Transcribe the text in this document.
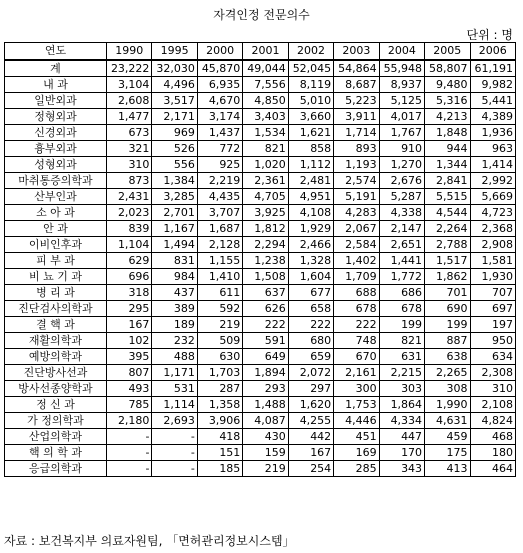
자격인정 전문의수
단위 : 명
연도	1990	1995	2000	2001	2002	2003	2004	2005	2006
계	23,222	32,030	45,870	49,044	52,045	54,864	55,948	58,807	61,191
내 과	3,104	4,496	6,935	7,556	8,119	8,687	8,937	9,480	9,982
일반외과	2,608	3,517	4,670	4,850	5,010	5,223	5,125	5,316	5,441
정형외과	1,477	2,171	3,174	3,403	3,660	3,911	4,017	4,213	4,389
신경외과	673	969	1,437	1,534	1,621	1,714	1,767	1,848	1,936
흉부외과	321	526	772	821	858	893	910	944	963
성형외과	310	556	925	1,020	1,112	1,193	1,270	1,344	1,414
마취통증의학과	873	1,384	2,219	2,361	2,481	2,574	2,676	2,841	2,992
산부인과	2,431	3,285	4,435	4,705	4,951	5,191	5,287	5,515	5,669
소 아 과	2,023	2,701	3,707	3,925	4,108	4,283	4,338	4,544	4,723
안 과	839	1,167	1,687	1,812	1,929	2,067	2,147	2,264	2,368
이비인후과	1,104	1,494	2,128	2,294	2,466	2,584	2,651	2,788	2,908
피 부 과	629	831	1,155	1,238	1,328	1,402	1,441	1,517	1,581
비 뇨 기 과	696	984	1,410	1,508	1,604	1,709	1,772	1,862	1,930
병 리 과	318	437	611	637	677	688	686	701	707
진단검사의학과	295	389	592	626	658	678	678	690	697
결 핵 과	167	189	219	222	222	222	199	199	197
재활의학과	102	232	509	591	680	748	821	887	950
예방의학과	395	488	630	649	659	670	631	638	634
진단방사선과	807	1,171	1,703	1,894	2,072	2,161	2,215	2,265	2,308
방사선종양학과	493	531	287	293	297	300	303	308	310
정 신 과	785	1,114	1,358	1,488	1,620	1,753	1,864	1,990	2,108
가 정의학과	2,180	2,693	3,906	4,087	4,255	4,446	4,334	4,631	4,824
산업의학과	-	-	418	430	442	451	447	459	468
핵 의 학 과	-	-	151	159	167	169	170	175	180
응급의학과	-	-	185	219	254	285	343	413	464
자료 : 보건복지부 의료자원팀, 「면허관리정보시스템」
